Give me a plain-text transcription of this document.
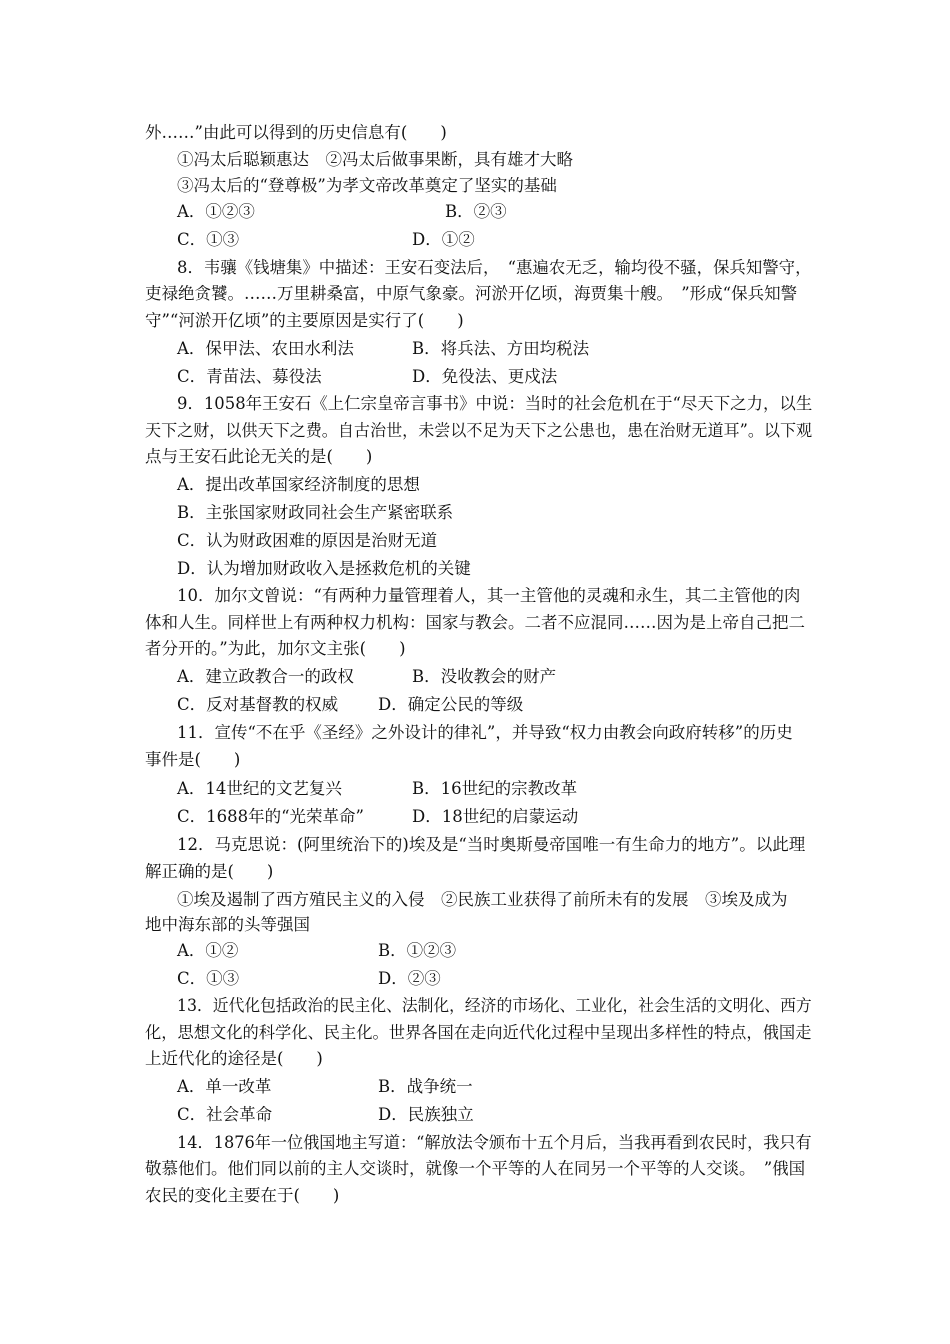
外……”由此可以得到的历史信息有(　　)
①冯太后聪颖惠达　②冯太后做事果断，具有雄才大略
③冯太后的“登尊极”为孝文帝改革奠定了坚实的基础
A．①②③	B．②③
C．①③	D．①②
8．韦骧《钱塘集》中描述：王安石变法后，　“惠遍农无乏，输均役不骚，保兵知警守，
吏禄绝贪饕。……万里耕桑富，中原气象豪。河淤开亿顷，海贾集十艘。　”形成“保兵知警
守”“河淤开亿顷”的主要原因是实行了(　　)
A．保甲法、农田水利法	B．将兵法、方田均税法
C．青苗法、募役法	D．免役法、更戍法
9．1058年王安石《上仁宗皇帝言事书》中说：当时的社会危机在于“尽天下之力，以生
天下之财，以供天下之费。自古治世，未尝以不足为天下之公患也，患在治财无道耳”。以下观
点与王安石此论无关的是(　　)
A．提出改革国家经济制度的思想
B．主张国家财政同社会生产紧密联系
C．认为财政困难的原因是治财无道
D．认为增加财政收入是拯救危机的关键
10．加尔文曾说：“有两种力量管理着人，其一主管他的灵魂和永生，其二主管他的肉
体和人生。同样世上有两种权力机构：国家与教会。二者不应混同……因为是上帝自己把二
者分开的。”为此，加尔文主张(　　)
A．建立政教合一的政权	B．没收教会的财产
C．反对基督教的权威	D．确定公民的等级
11．宣传“不在乎《圣经》之外设计的律礼”，并导致“权力由教会向政府转移”的历史
事件是(　　)
A．14世纪的文艺复兴	B．16世纪的宗教改革
C．1688年的“光荣革命”	D．18世纪的启蒙运动
12．马克思说：(阿里统治下的)埃及是“当时奥斯曼帝国唯一有生命力的地方”。以此理
解正确的是(　　)
①埃及遏制了西方殖民主义的入侵　②民族工业获得了前所未有的发展　③埃及成为
地中海东部的头等强国
A．①②	B．①②③
C．①③	D．②③
13．近代化包括政治的民主化、法制化，经济的市场化、工业化，社会生活的文明化、西方
化，思想文化的科学化、民主化。世界各国在走向近代化过程中呈现出多样性的特点，俄国走
上近代化的途径是(　　)
A．单一改革	B．战争统一
C．社会革命	D．民族独立
14．1876年一位俄国地主写道：“解放法令颁布十五个月后，当我再看到农民时，我只有
敬慕他们。他们同以前的主人交谈时，就像一个平等的人在同另一个平等的人交谈。　”俄国
农民的变化主要在于(　　)
